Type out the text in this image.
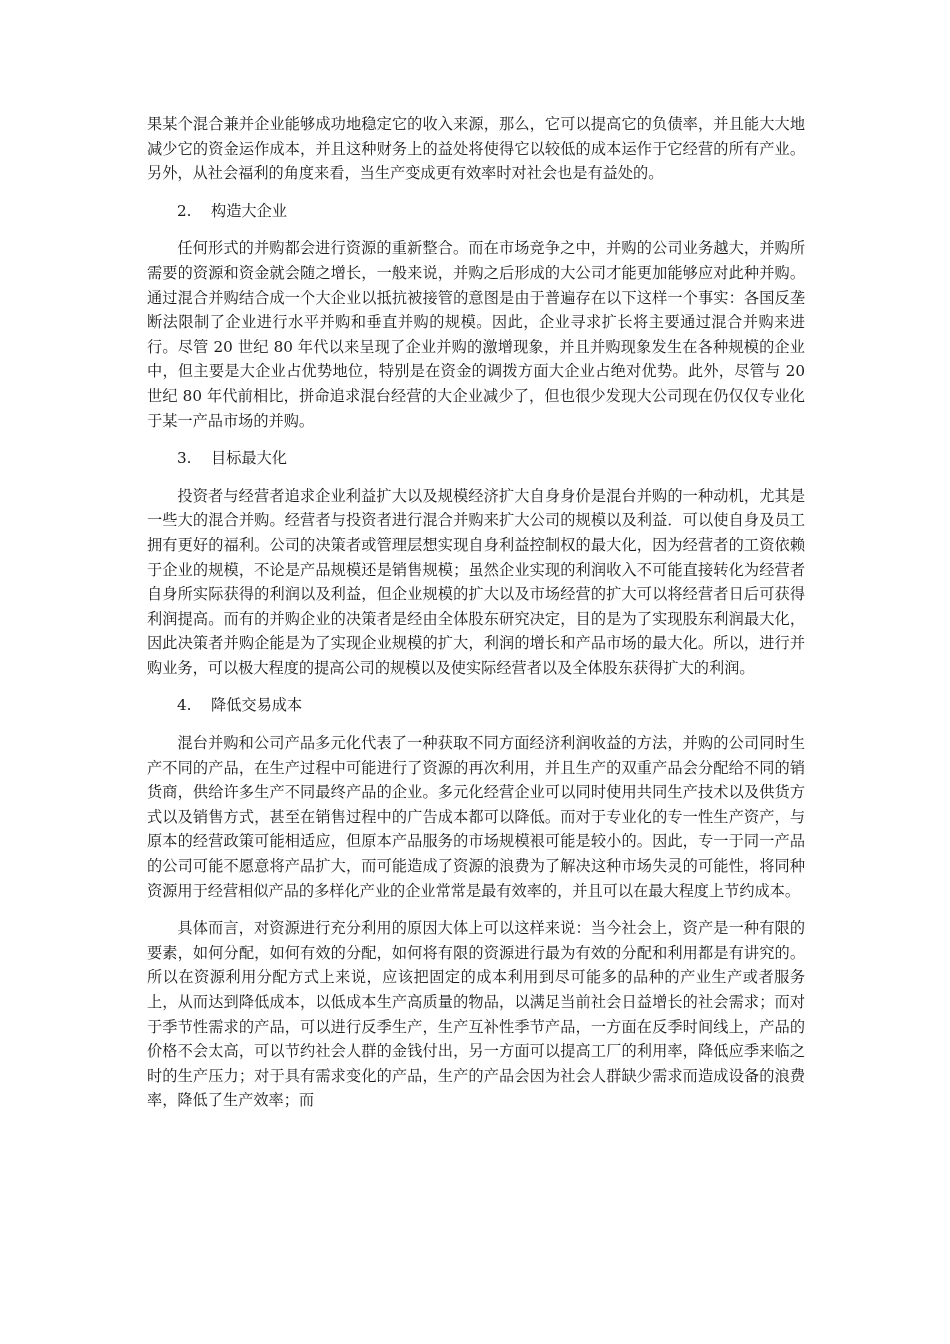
果某个混合兼并企业能够成功地稳定它的收入来源，那么，它可以提高它的负债率，并且能大大地减少它的资金运作成本，并且这种财务上的益处将使得它以较低的成本运作于它经营的所有产业。另外，从社会福利的角度来看，当生产变成更有效率时对社会也是有益处的。

2. 构造大企业

任何形式的并购都会进行资源的重新整合。而在市场竞争之中，并购的公司业务越大，并购所需要的资源和资金就会随之增长，一般来说，并购之后形成的大公司才能更加能够应对此种并购。通过混合并购结合成一个大企业以抵抗被接管的意图是由于普遍存在以下这样一个事实：各国反垄断法限制了企业进行水平并购和垂直并购的规模。因此，企业寻求扩长将主要通过混合并购来进行。尽管 20 世纪 80 年代以来呈现了企业并购的激增现象，并且并购现象发生在各种规模的企业中，但主要是大企业占优势地位，特别是在资金的调拨方面大企业占绝对优势。此外，尽管与 20 世纪 80 年代前相比，拼命追求混台经营的大企业减少了，但也很少发现大公司现在仍仅仅专业化于某一产品市场的并购。

3. 目标最大化

投资者与经营者追求企业利益扩大以及规模经济扩大自身身价是混台并购的一种动机，尤其是一些大的混合并购。经营者与投资者进行混合并购来扩大公司的规模以及利益．可以使自身及员工拥有更好的福利。公司的决策者或管理层想实现自身利益控制权的最大化，因为经营者的工资依赖于企业的规模，不论是产品规模还是销售规模；虽然企业实现的利润收入不可能直接转化为经营者自身所实际获得的利润以及利益，但企业规模的扩大以及市场经营的扩大可以将经营者日后可获得利润提高。而有的并购企业的决策者是经由全体股东研究决定，目的是为了实现股东利润最大化，因此决策者并购企能是为了实现企业规模的扩大，利润的增长和产品市场的最大化。所以，进行并购业务，可以极大程度的提高公司的规模以及使实际经营者以及全体股东获得扩大的利润。

4. 降低交易成本

混台并购和公司产品多元化代表了一种获取不同方面经济利润收益的方法，并购的公司同时生产不同的产品，在生产过程中可能进行了资源的再次利用，并且生产的双重产品会分配给不同的销货商，供给许多生产不同最终产品的企业。多元化经营企业可以同时使用共同生产技术以及供货方式以及销售方式，甚至在销售过程中的广告成本都可以降低。而对于专业化的专一性生产资产，与原本的经营政策可能相适应，但原本产品服务的市场规模裉可能是较小的。因此，专一于同一产品的公司可能不愿意将产品扩大，而可能造成了资源的浪费为了解决这种市场失灵的可能性，将同种资源用于经营相似产品的多样化产业的企业常常是最有效率的，并且可以在最大程度上节约成本。

具体而言，对资源进行充分利用的原因大体上可以这样来说：当今社会上，资产是一种有限的要素，如何分配，如何有效的分配，如何将有限的资源进行最为有效的分配和利用都是有讲究的。所以在资源利用分配方式上来说，应该把固定的成本利用到尽可能多的品种的产业生产或者服务上，从而达到降低成本，以低成本生产高质量的物品，以满足当前社会日益增长的社会需求；而对于季节性需求的产品，可以进行反季生产，生产互补性季节产品，一方面在反季时间线上，产品的价格不会太高，可以节约社会人群的金钱付出，另一方面可以提高工厂的利用率，降低应季来临之时的生产压力；对于具有需求变化的产品，生产的产品会因为社会人群缺少需求而造成设备的浪费率，降低了生产效率；而
